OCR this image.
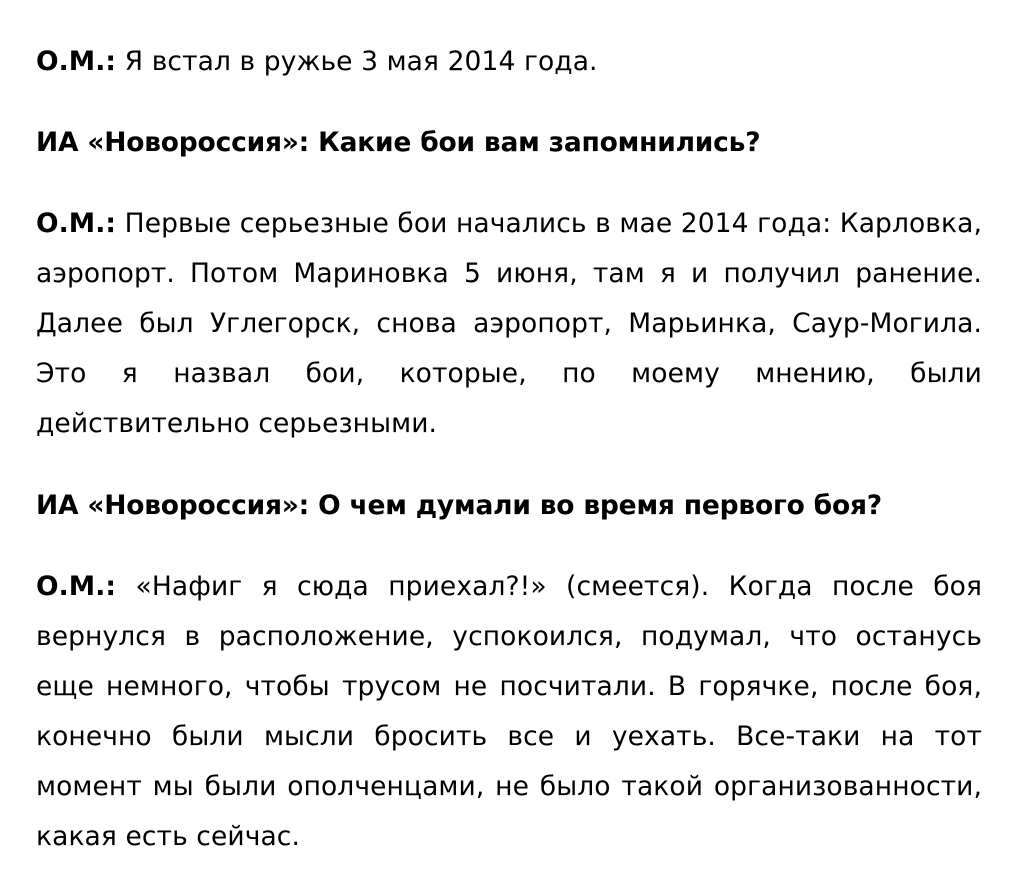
О.М.: Я встал в ружье 3 мая 2014 года.

ИА «Новороссия»: Какие бои вам запомнились?

О.М.: Первые серьезные бои начались в мае 2014 года: Карловка, аэропорт. Потом Мариновка 5 июня, там я и получил ранение. Далее был Углегорск, снова аэропорт, Марьинка, Саур-Могила. Это я назвал бои, которые, по моему мнению, были действительно серьезными.

ИА «Новороссия»: О чем думали во время первого боя?

О.М.: «Нафиг я сюда приехал?!» (смеется). Когда после боя вернулся в расположение, успокоился, подумал, что останусь еще немного, чтобы трусом не посчитали. В горячке, после боя, конечно были мысли бросить все и уехать. Все-таки на тот момент мы были ополченцами, не было такой организованности, какая есть сейчас.
